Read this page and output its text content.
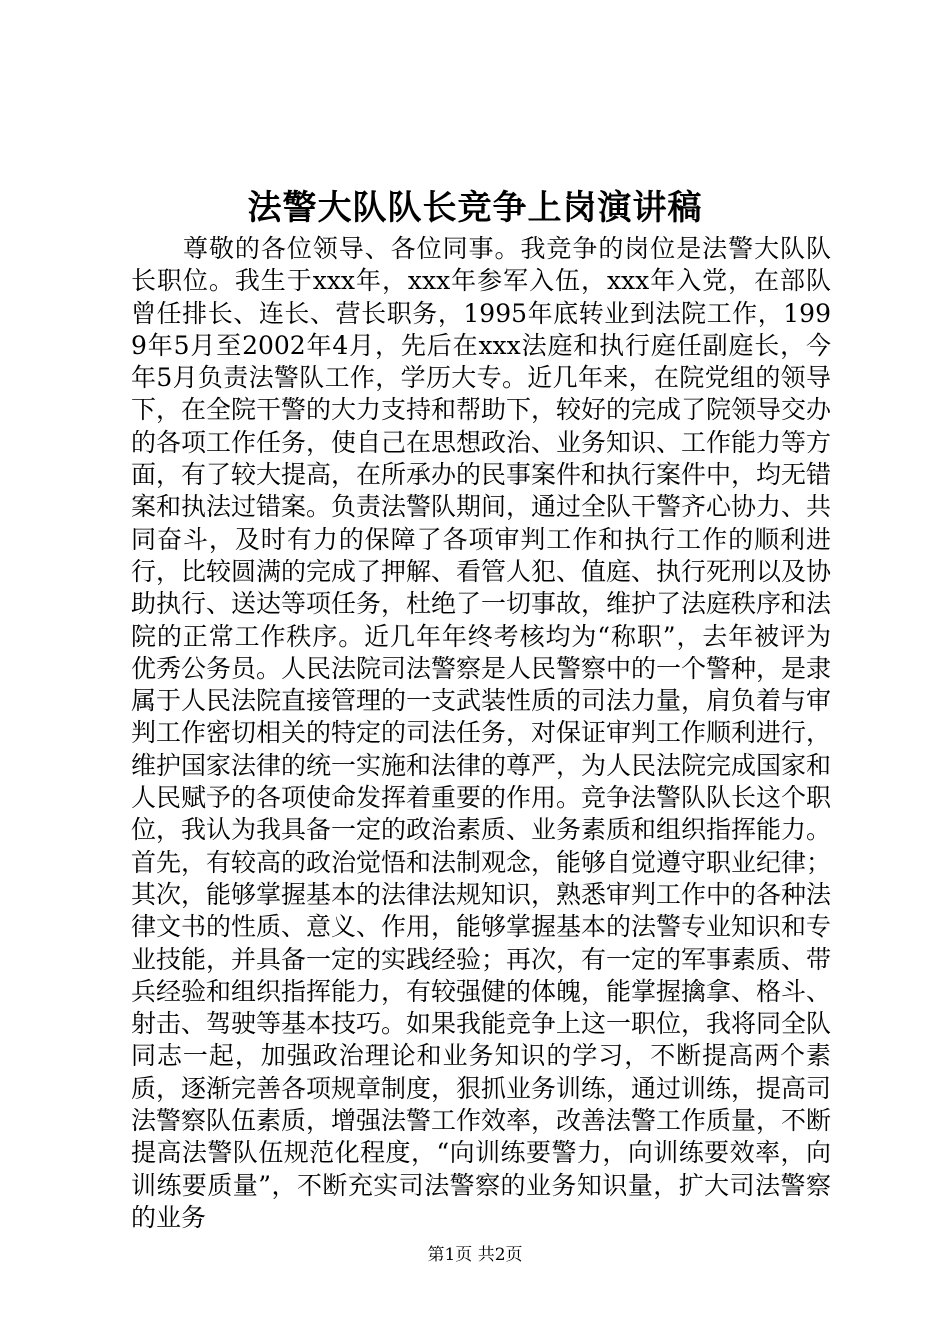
法警大队队长竞争上岗演讲稿

尊敬的各位领导、各位同事。我竞争的岗位是法警大队队长职位。我生于xxx年，xxx年参军入伍，xxx年入党，在部队曾任排长、连长、营长职务，1995年底转业到法院工作，1999年5月至2002年4月，先后在xxx法庭和执行庭任副庭长，今年5月负责法警队工作，学历大专。近几年来，在院党组的领导下，在全院干警的大力支持和帮助下，较好的完成了院领导交办的各项工作任务，使自己在思想政治、业务知识、工作能力等方面，有了较大提高，在所承办的民事案件和执行案件中，均无错案和执法过错案。负责法警队期间，通过全队干警齐心协力、共同奋斗，及时有力的保障了各项审判工作和执行工作的顺利进行，比较圆满的完成了押解、看管人犯、值庭、执行死刑以及协助执行、送达等项任务，杜绝了一切事故，维护了法庭秩序和法院的正常工作秩序。近几年年终考核均为“称职”，去年被评为优秀公务员。人民法院司法警察是人民警察中的一个警种，是隶属于人民法院直接管理的一支武装性质的司法力量，肩负着与审判工作密切相关的特定的司法任务，对保证审判工作顺利进行，维护国家法律的统一实施和法律的尊严，为人民法院完成国家和人民赋予的各项使命发挥着重要的作用。竞争法警队队长这个职位，我认为我具备一定的政治素质、业务素质和组织指挥能力。首先，有较高的政治觉悟和法制观念，能够自觉遵守职业纪律；其次，能够掌握基本的法律法规知识，熟悉审判工作中的各种法律文书的性质、意义、作用，能够掌握基本的法警专业知识和专业技能，并具备一定的实践经验；再次，有一定的军事素质、带兵经验和组织指挥能力，有较强健的体魄，能掌握擒拿、格斗、射击、驾驶等基本技巧。如果我能竞争上这一职位，我将同全队同志一起，加强政治理论和业务知识的学习，不断提高两个素质，逐渐完善各项规章制度，狠抓业务训练，通过训练，提高司法警察队伍素质，增强法警工作效率，改善法警工作质量，不断提高法警队伍规范化程度，“向训练要警力，向训练要效率，向训练要质量”，不断充实司法警察的业务知识量，扩大司法警察的业务

第1页 共2页
